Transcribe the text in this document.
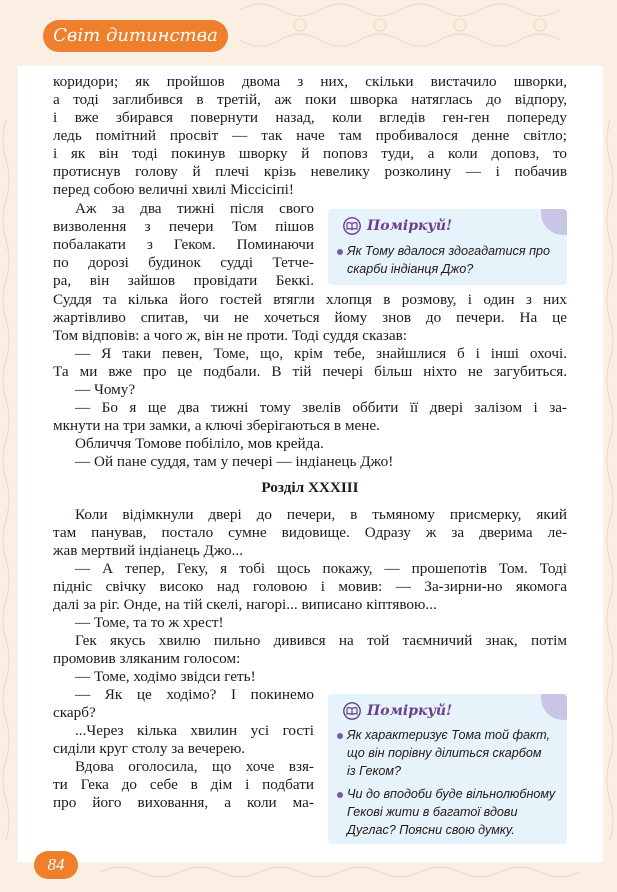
Світ дитинства
коридори; як пройшов двома з них, скільки вистачило шворки,
а тоді заглибився в третій, аж поки шворка натяглась до відпору,
і вже збирався повернути назад, коли вгледів ген-ген попереду
ледь помітний просвіт — так наче там пробивалося денне світло;
і як він тоді покинув шворку й поповз туди, а коли доповз, то
протиснув голову й плечі крізь невелику розколину — і побачив
перед собою величні хвилі Міссісіпі!
Аж за два тижні після свого
визволення з печери Том пішов
побалакати з Геком. Поминаючи
по дорозі будинок судді Тетче-
ра, він зайшов провідати Беккі.
Поміркуй!
Як Тому вдалося здогадатися про
скарби індіанця Джо?
Суддя та кілька його гостей втягли хлопця в розмову, і один з них
жартівливо спитав, чи не хочеться йому знов до печери. На це
Том відповів: а чого ж, він не проти. Тоді суддя сказав:
— Я таки певен, Томе, що, крім тебе, знайшлися б і інші охочі.
Та ми вже про це подбали. В тій печері більш ніхто не загубиться.
— Чому?
— Бо я ще два тижні тому звелів оббити її двері залізом і за-
мкнути на три замки, а ключі зберігаються в мене.
Обличчя Томове побіліло, мов крейда.
— Ой пане суддя, там у печері — індіанець Джо!
Розділ XXXIII
Коли відімкнули двері до печери, в тьмяному присмерку, який
там панував, постало сумне видовище. Одразу ж за дверима ле-
жав мертвий індіанець Джо...
— А тепер, Геку, я тобі щось покажу, — прошепотів Том. Тоді
підніс свічку високо над головою і мовив: — За-зирни-но якомога
далі за ріг. Онде, на тій скелі, нагорі... виписано кіптявою...
— Томе, та то ж хрест!
Гек якусь хвилю пильно дивився на той таємничий знак, потім
промовив зляканим голосом:
— Томе, ходімо звідси геть!
— Як це ходімо? І покинемо
скарб?
...Через кілька хвилин усі гості
сиділи круг столу за вечерею.
Вдова оголосила, що хоче взя-
ти Гека до себе в дім і подбати
про його виховання, а коли ма-
Поміркуй!
Як характеризує Тома той факт,
що він порівну ділиться скарбом
із Геком?
Чи до вподоби буде вільнолюбному
Гекові жити в багатої вдови
Дуглас? Поясни свою думку.
84
